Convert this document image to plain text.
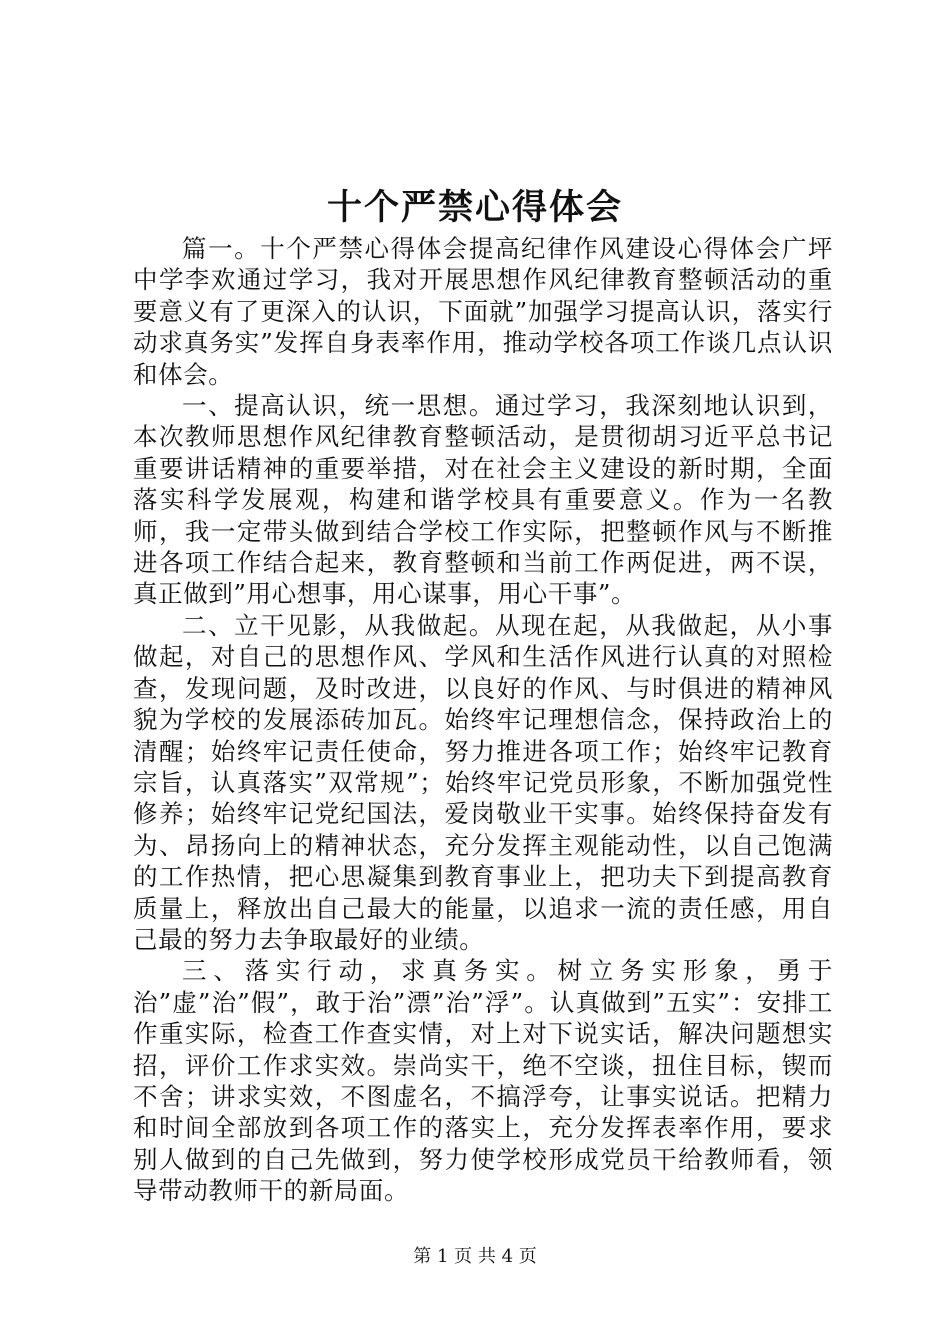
十个严禁心得体会

篇一。十个严禁心得体会提高纪律作风建设心得体会广坪中学李欢通过学习，我对开展思想作风纪律教育整顿活动的重要意义有了更深入的认识，下面就”加强学习提高认识，落实行动求真务实”发挥自身表率作用，推动学校各项工作谈几点认识和体会。

一、提高认识，统一思想。通过学习，我深刻地认识到，本次教师思想作风纪律教育整顿活动，是贯彻胡习近平总书记重要讲话精神的重要举措，对在社会主义建设的新时期，全面落实科学发展观，构建和谐学校具有重要意义。作为一名教师，我一定带头做到结合学校工作实际，把整顿作风与不断推进各项工作结合起来，教育整顿和当前工作两促进，两不误，真正做到”用心想事，用心谋事，用心干事”。

二、立干见影，从我做起。从现在起，从我做起，从小事做起，对自己的思想作风、学风和生活作风进行认真的对照检查，发现问题，及时改进，以良好的作风、与时俱进的精神风貌为学校的发展添砖加瓦。始终牢记理想信念，保持政治上的清醒；始终牢记责任使命，努力推进各项工作；始终牢记教育宗旨，认真落实”双常规”；始终牢记党员形象，不断加强党性修养；始终牢记党纪国法，爱岗敬业干实事。始终保持奋发有为、昂扬向上的精神状态，充分发挥主观能动性，以自己饱满的工作热情，把心思凝集到教育事业上，把功夫下到提高教育质量上，释放出自己最大的能量，以追求一流的责任感，用自己最的努力去争取最好的业绩。

三、落实行动，求真务实。树立务实形象，勇于治”虚”治”假”，敢于治”漂”治”浮”。认真做到”五实”：安排工作重实际，检查工作查实情，对上对下说实话，解决问题想实招，评价工作求实效。崇尚实干，绝不空谈，扭住目标，锲而不舍；讲求实效，不图虚名，不搞浮夸，让事实说话。把精力和时间全部放到各项工作的落实上，充分发挥表率作用，要求别人做到的自己先做到，努力使学校形成党员干给教师看，领导带动教师干的新局面。

第 1 页 共 4 页
